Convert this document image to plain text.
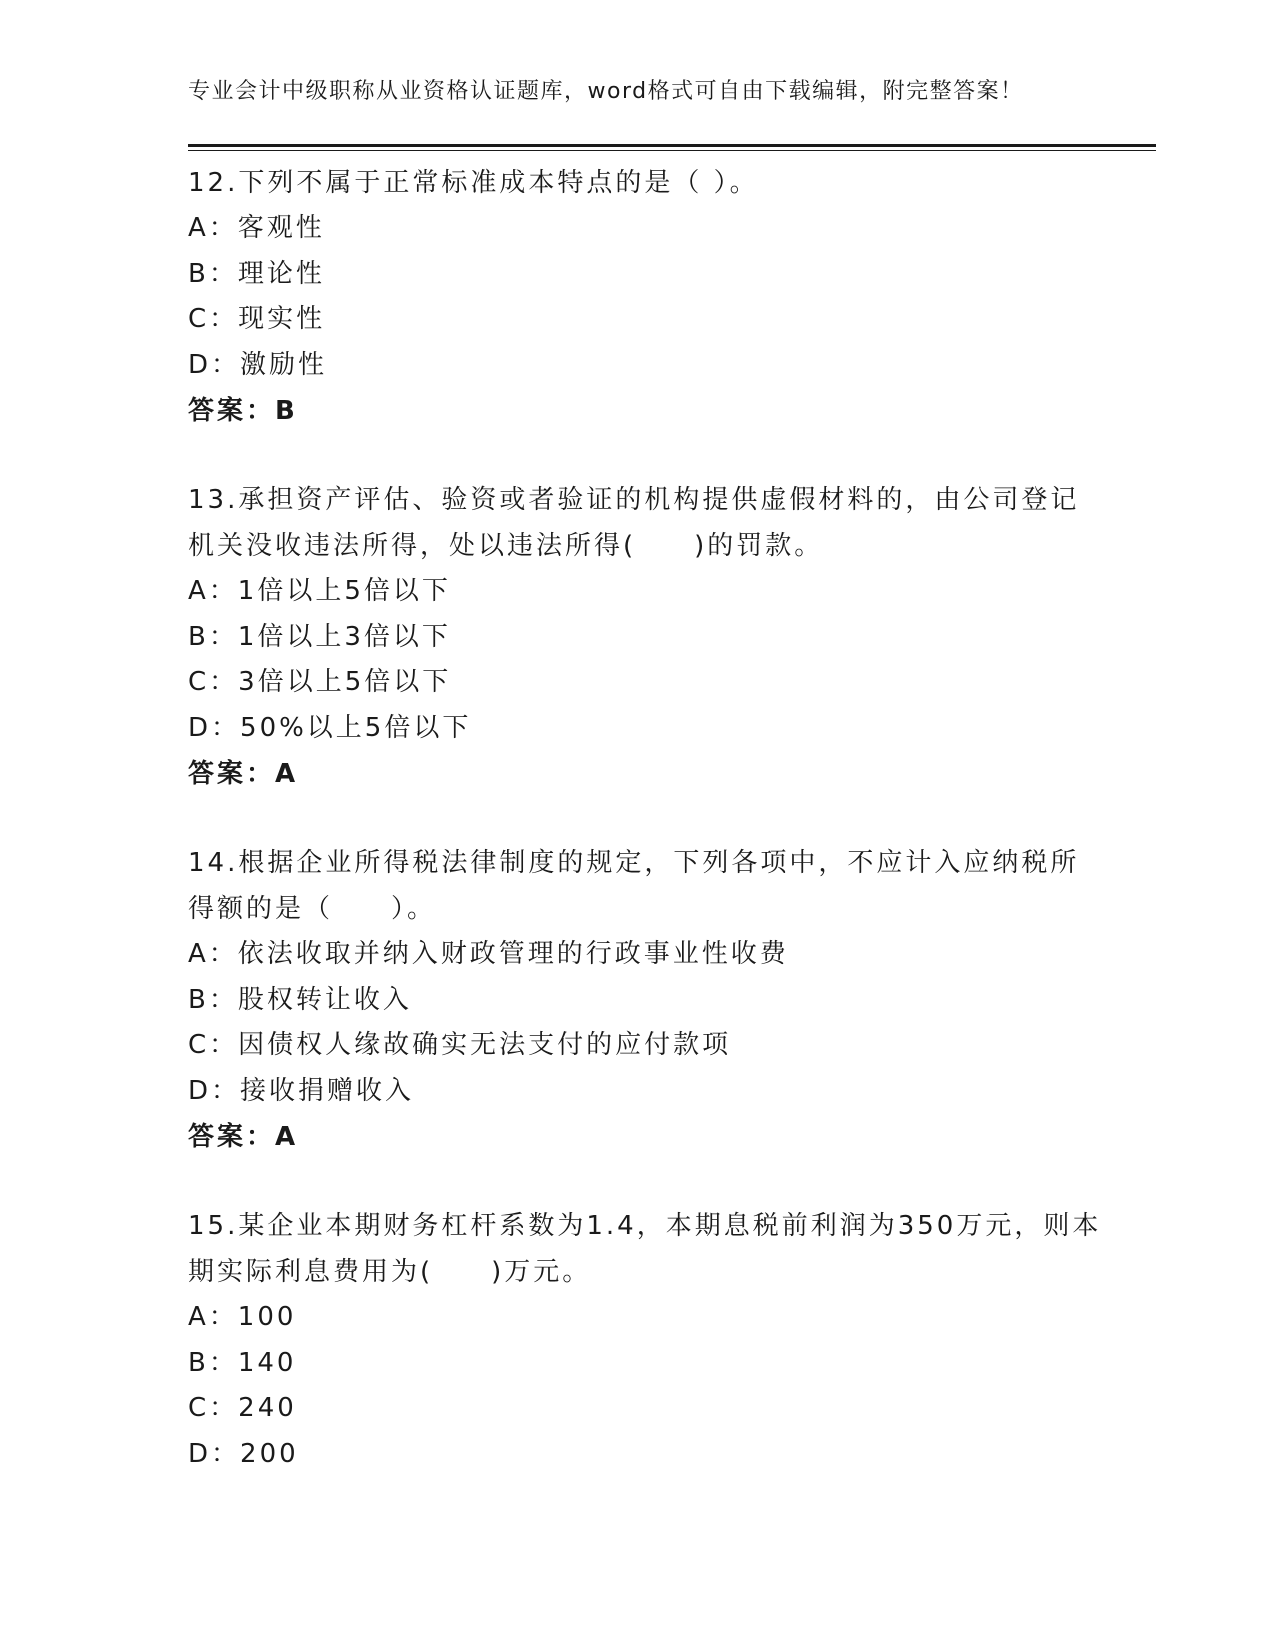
专业会计中级职称从业资格认证题库，word格式可自由下载编辑，附完整答案！

12.下列不属于正常标准成本特点的是（ ）。

A：客观性
B：理论性
C：现实性
D：激励性
答案：B

13.承担资产评估、验资或者验证的机构提供虚假材料的，由公司登记机关没收违法所得，处以违法所得(　　)的罚款。

A：1倍以上5倍以下
B：1倍以上3倍以下
C：3倍以上5倍以下
D：50%以上5倍以下
答案：A

14.根据企业所得税法律制度的规定，下列各项中，不应计入应纳税所得额的是（　　）。

A：依法收取并纳入财政管理的行政事业性收费
B：股权转让收入
C：因债权人缘故确实无法支付的应付款项
D：接收捐赠收入
答案：A

15.某企业本期财务杠杆系数为1.4，本期息税前利润为350万元，则本期实际利息费用为(　　)万元。

A：100
B：140
C：240
D：200
